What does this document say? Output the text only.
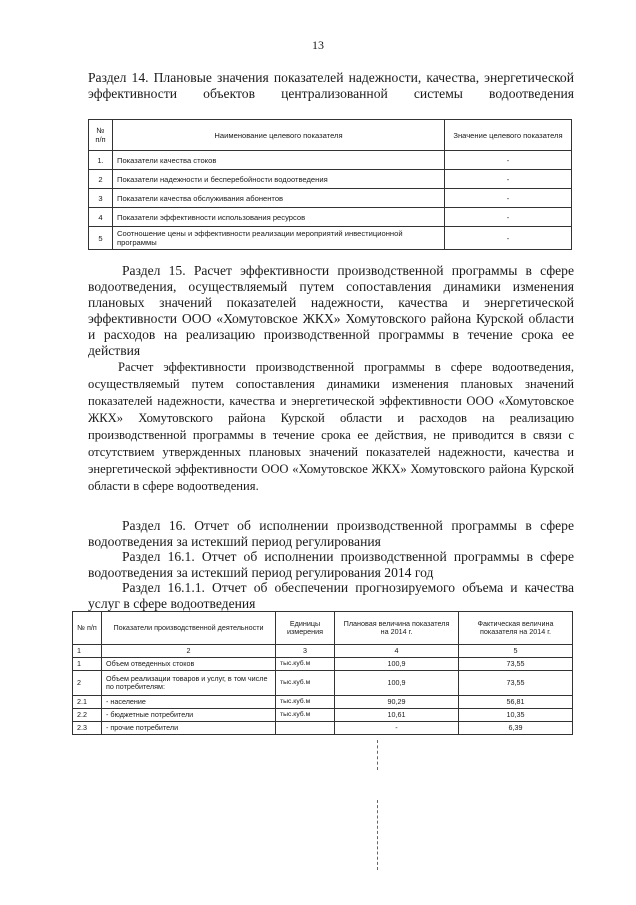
13
Раздел 14. Плановые значения показателей надежности, качества, энергетической эффективности объектов централизованной системы водоотведения
№ п/п	Наименование целевого показателя	Значение целевого показателя
1.	Показатели качества стоков	-
2	Показатели надежности и бесперебойности водоотведения	-
3	Показатели качества обслуживания абонентов	-
4	Показатели эффективности использования ресурсов	-
5	Соотношение цены и эффективности реализации мероприятий инвестиционной программы	-
Раздел 15. Расчет эффективности производственной программы в сфере водоотведения, осуществляемый путем сопоставления динамики изменения плановых значений показателей надежности, качества и энергетической эффективности ООО «Хомутовское ЖКХ» Хомутовского района Курской области и расходов на реализацию производственной программы в течение срока ее действия
Расчет эффективности производственной программы в сфере водоотведения, осуществляемый путем сопоставления динамики изменения плановых значений показателей надежности, качества и энергетической эффективности ООО «Хомутовское ЖКХ» Хомутовского района Курской области и расходов на реализацию производственной программы в течение срока ее действия, не приводится в связи с отсутствием утвержденных плановых значений показателей надежности, качества и энергетической эффективности ООО «Хомутовское ЖКХ» Хомутовского района Курской области в сфере водоотведения.
Раздел 16. Отчет об исполнении производственной программы в сфере водоотведения за истекший период регулирования
Раздел 16.1. Отчет об исполнении производственной программы в сфере водоотведения за истекший период регулирования 2014 год
Раздел 16.1.1. Отчет об обеспечении прогнозируемого объема и качества услуг в сфере водоотведения
№ п/п	Показатели производственной деятельности	Единицы измерения	Плановая величина показателя на 2014 г.	Фактическая величина показателя на 2014 г.
1	2	3	4	5
1	Объем отведенных стоков	тыс.куб.м	100,9	73,55
2	Объем реализации товаров и услуг, в том числе по потребителям:	тыс.куб.м	100,9	73,55
2.1	- население	тыс.куб.м	90,29	56,81
2.2	- бюджетные потребители	тыс.куб.м	10,61	10,35
2.3	- прочие потребители		-	6,39
